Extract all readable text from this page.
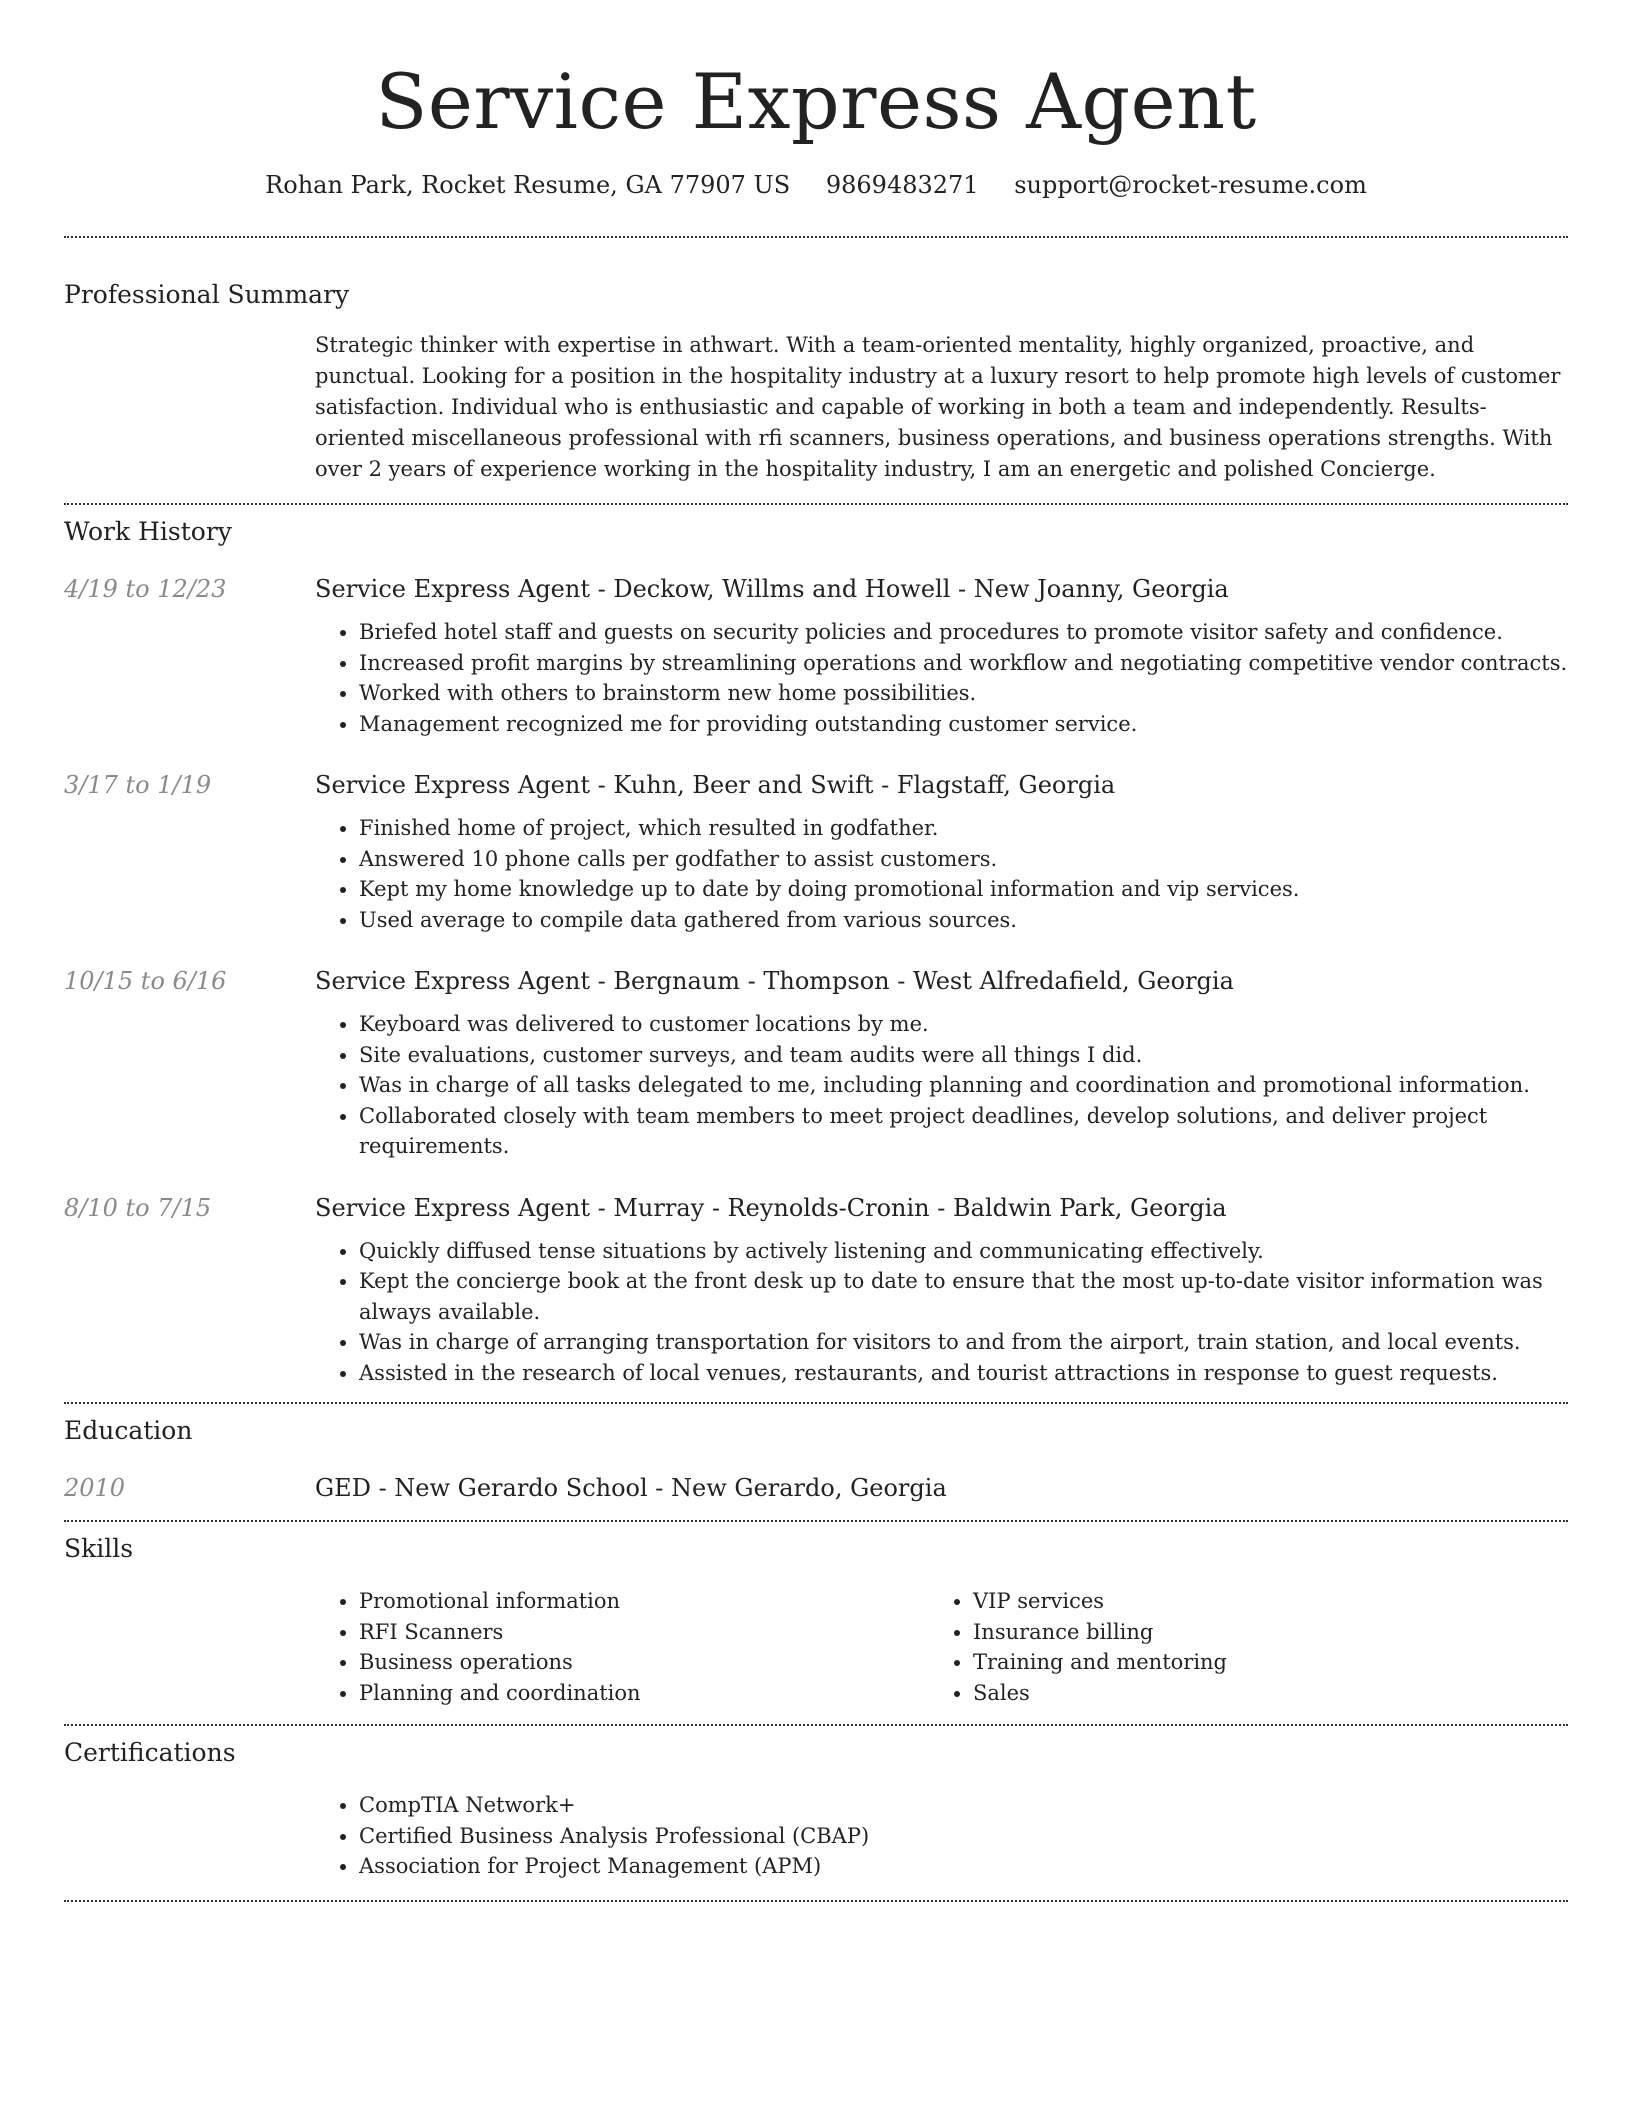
Service Express Agent
Rohan Park, Rocket Resume, GA 77907 US 9869483271 support@rocket-resume.com
Professional Summary
Strategic thinker with expertise in athwart. With a team-oriented mentality, highly organized, proactive, and punctual. Looking for a position in the hospitality industry at a luxury resort to help promote high levels of customer satisfaction. Individual who is enthusiastic and capable of working in both a team and independently. Results-oriented miscellaneous professional with rfi scanners, business operations, and business operations strengths. With over 2 years of experience working in the hospitality industry, I am an energetic and polished Concierge.
Work History
4/19 to 12/23	Service Express Agent - Deckow, Willms and Howell - New Joanny, Georgia
• Briefed hotel staff and guests on security policies and procedures to promote visitor safety and confidence.
• Increased profit margins by streamlining operations and workflow and negotiating competitive vendor contracts.
• Worked with others to brainstorm new home possibilities.
• Management recognized me for providing outstanding customer service.
3/17 to 1/19	Service Express Agent - Kuhn, Beer and Swift - Flagstaff, Georgia
• Finished home of project, which resulted in godfather.
• Answered 10 phone calls per godfather to assist customers.
• Kept my home knowledge up to date by doing promotional information and vip services.
• Used average to compile data gathered from various sources.
10/15 to 6/16	Service Express Agent - Bergnaum - Thompson - West Alfredafield, Georgia
• Keyboard was delivered to customer locations by me.
• Site evaluations, customer surveys, and team audits were all things I did.
• Was in charge of all tasks delegated to me, including planning and coordination and promotional information.
• Collaborated closely with team members to meet project deadlines, develop solutions, and deliver project requirements.
8/10 to 7/15	Service Express Agent - Murray - Reynolds-Cronin - Baldwin Park, Georgia
• Quickly diffused tense situations by actively listening and communicating effectively.
• Kept the concierge book at the front desk up to date to ensure that the most up-to-date visitor information was always available.
• Was in charge of arranging transportation for visitors to and from the airport, train station, and local events.
• Assisted in the research of local venues, restaurants, and tourist attractions in response to guest requests.
Education
2010	GED - New Gerardo School - New Gerardo, Georgia
Skills
• Promotional information
• RFI Scanners
• Business operations
• Planning and coordination
• VIP services
• Insurance billing
• Training and mentoring
• Sales
Certifications
• CompTIA Network+
• Certified Business Analysis Professional (CBAP)
• Association for Project Management (APM)
